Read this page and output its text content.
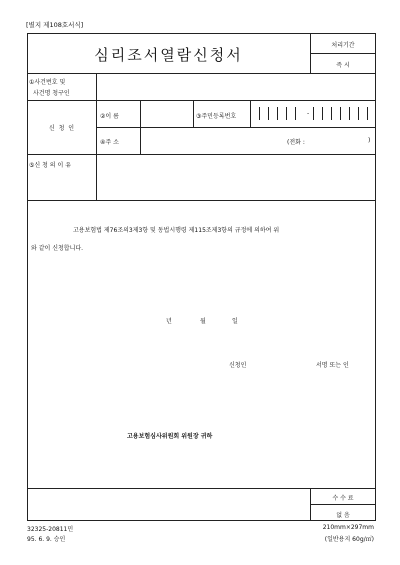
[별지 제108호서식]
심리조서열람신청서
처리기간
즉 시
①사건번호 및
사건명 청구인
신 청 인
②이 름	③주민등록번호	-
④주 소	(전화 :	)
⑤신 청 의 이 유
고용보험법 제76조의3제3항 및 동법시행령 제115조제3항의 규정에 의하여 위
와 같이 신청합니다.
년	월	일
신청인	서명 또는 인
고용보험심사위원회 위원장 귀하
수 수 료
없 음
32325-20811민
95. 6. 9. 승인
210mm×297mm
(일반용지 60g/㎡)
